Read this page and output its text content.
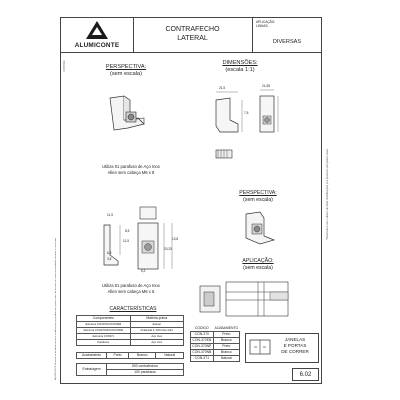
ALUMICONTE
CONTRAFECHO
LATERAL
APLICAÇÃO:
LINHAS:
DIVERSAS
CONTRAF	PERSPECTIVA:
(sem escala)
Utiliza 01 parafuso de Aço Inox
Allen sem cabeça M6 x 8
DIMENSÕES:
(escala 1:1)
21,5	21,55
7,5
11,5
20,25
13,8
11,5
6,2
8,5
6,5
3,5
Utiliza 01 parafuso de Aço Inox
Allen sem cabeça M6 x 6
PERSPECTIVA:
(sem escala)
APLICAÇÃO:
(sem escala)
CARACTERÍSTICAS
Componentes	Matéria-prima
Estrutura CON370/CON370EB	Zamac
Estrutura CON370NP/CON370NB	Poliamida 6, 30% fibra vidro
Estrutura CON371	Aço Inox
Parafusos	Aço Inox
Acabamento	Preto	Branco	Natural
Embalagem	500 contrafechos
100 parafusos
CÓDIGO	ACABAMENTO
CON-370	Preto
CON-370EB	Branco
CON-370NP	Preto
CON-370NB	Branco
CON-371	Natural
JANELAS
E PORTAS
DE CORRER
6.02
*Reservamo-nos o direito de fazer modificações nos produtos sem prévio aviso.
ALUMICONTE Reserva-se de direito de fazer modificações no produto sem prévio aviso, de acordo com suas necessidades técnicas e comerciais.
